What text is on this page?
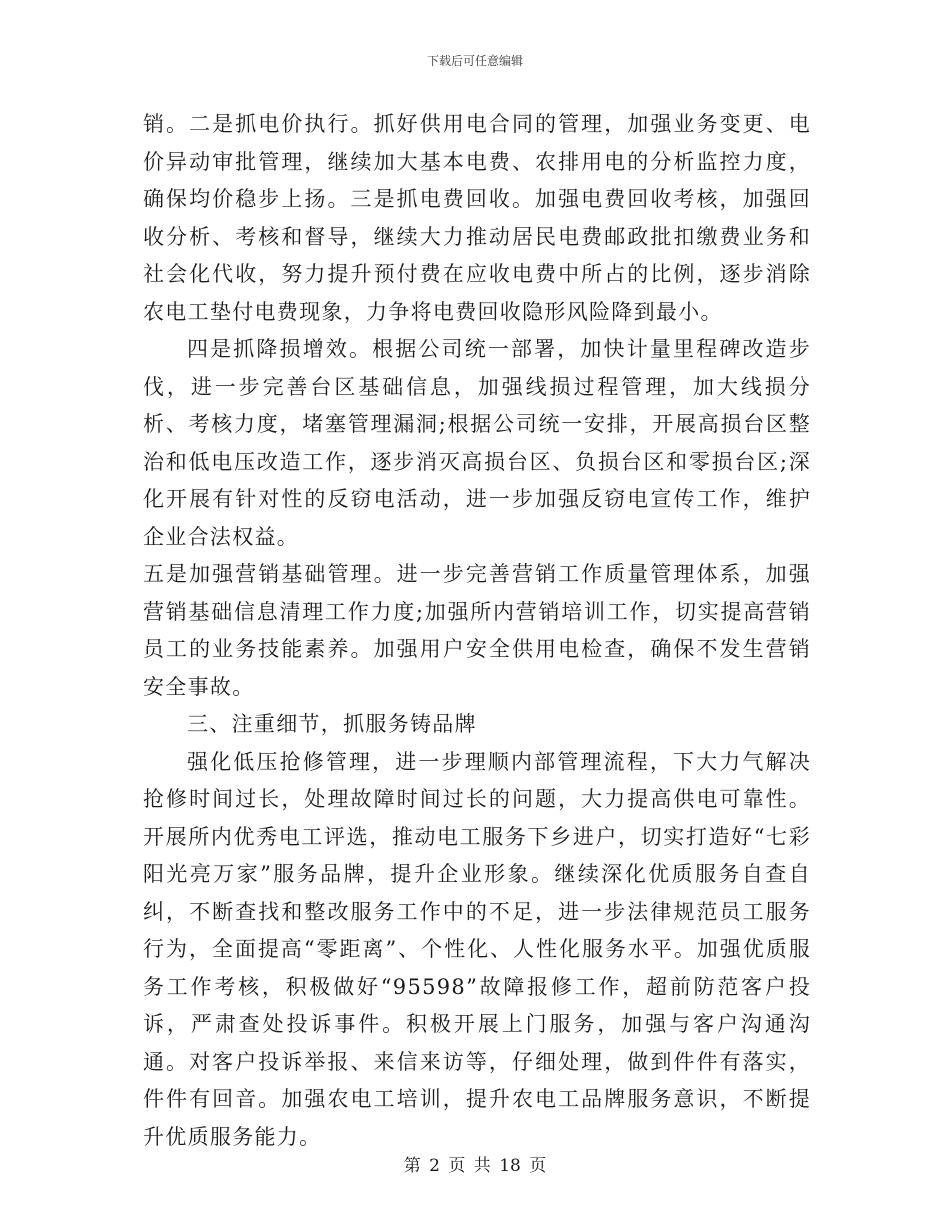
下载后可任意编辑

销。二是抓电价执行。抓好供用电合同的管理，加强业务变更、电价异动审批管理，继续加大基本电费、农排用电的分析监控力度，确保均价稳步上扬。三是抓电费回收。加强电费回收考核，加强回收分析、考核和督导，继续大力推动居民电费邮政批扣缴费业务和社会化代收，努力提升预付费在应收电费中所占的比例，逐步消除农电工垫付电费现象，力争将电费回收隐形风险降到最小。

四是抓降损增效。根据公司统一部署，加快计量里程碑改造步伐，进一步完善台区基础信息，加强线损过程管理，加大线损分析、考核力度，堵塞管理漏洞;根据公司统一安排，开展高损台区整治和低电压改造工作，逐步消灭高损台区、负损台区和零损台区;深化开展有针对性的反窃电活动，进一步加强反窃电宣传工作，维护企业合法权益。

五是加强营销基础管理。进一步完善营销工作质量管理体系，加强营销基础信息清理工作力度;加强所内营销培训工作，切实提高营销员工的业务技能素养。加强用户安全供用电检查，确保不发生营销安全事故。

三、注重细节，抓服务铸品牌

强化低压抢修管理，进一步理顺内部管理流程，下大力气解决抢修时间过长，处理故障时间过长的问题，大力提高供电可靠性。开展所内优秀电工评选，推动电工服务下乡进户，切实打造好“七彩阳光亮万家”服务品牌，提升企业形象。继续深化优质服务自查自纠，不断查找和整改服务工作中的不足，进一步法律规范员工服务行为，全面提高“零距离”、个性化、人性化服务水平。加强优质服务工作考核，积极做好“95598”故障报修工作，超前防范客户投诉，严肃查处投诉事件。积极开展上门服务，加强与客户沟通沟通。对客户投诉举报、来信来访等，仔细处理，做到件件有落实，件件有回音。加强农电工培训，提升农电工品牌服务意识，不断提升优质服务能力。

第 2 页 共 18 页
